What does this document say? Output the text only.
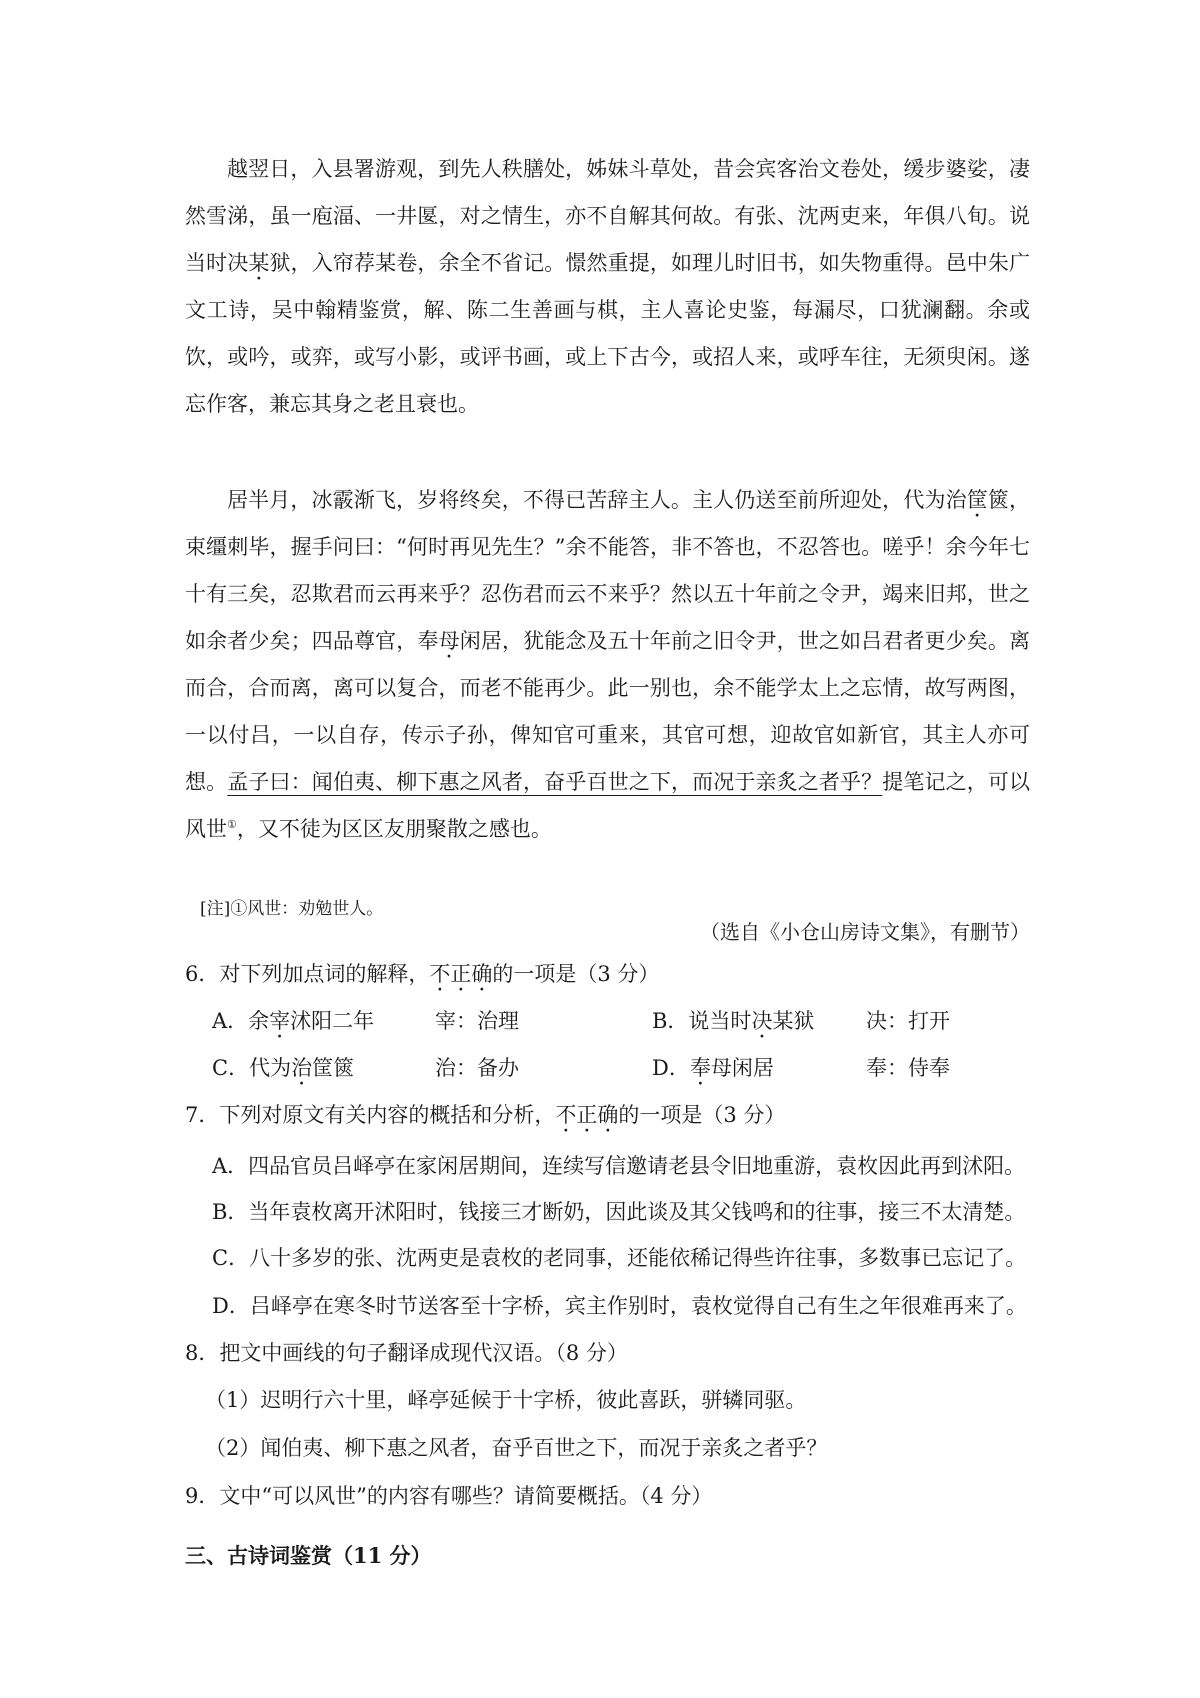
越翌日，入县署游观，到先人秩膳处，姊妹斗草处，昔会宾客治文卷处，缓步婆娑，凄然雪涕，虽一庖湢、一井匽，对之情生，亦不自解其何故。有张、沈两吏来，年俱八旬。说当时决某狱，入帘荐某卷，余全不省记。憬然重提，如理儿时旧书，如失物重得。邑中朱广文工诗，吴中翰精鉴赏，解、陈二生善画与棋，主人喜论史鉴，每漏尽，口犹澜翻。余或饮，或吟，或弈，或写小影，或评书画，或上下古今，或招人来，或呼车往，无须臾闲。遂忘作客，兼忘其身之老且衰也。
居半月，冰霰渐飞，岁将终矣，不得已苦辞主人。主人仍送至前所迎处，代为治筐篋，束缰刺毕，握手问曰：“何时再见先生？”余不能答，非不答也，不忍答也。嗟乎！余今年七十有三矣，忍欺君而云再来乎？忍伤君而云不来乎？然以五十年前之令尹，竭来旧邦，世之如余者少矣；四品尊官，奉母闲居，犹能念及五十年前之旧令尹，世之如吕君者更少矣。离而合，合而离，离可以复合，而老不能再少。此一别也，余不能学太上之忘情，故写两图，一以付吕，一以自存，传示子孙，俾知官可重来，其官可想，迎故官如新官，其主人亦可想。孟子曰：闻伯夷、柳下惠之风者，奋乎百世之下，而况于亲炙之者乎？提笔记之，可以风世①，又不徒为区区友朋聚散之感也。
[注]①风世：劝勉世人。
（选自《小仓山房诗文集》，有删节）
6．对下列加点词的解释，不正确的一项是（3 分）
A．余宰沭阳二年	宰：治理	B．说当时决某狱 决：打开
C．代为治筐篋	治：备办	D．奉母闲居	奉：侍奉
7．下列对原文有关内容的概括和分析，不正确的一项是（3 分）
A．四品官员吕峄亭在家闲居期间，连续写信邀请老县令旧地重游，袁枚因此再到沭阳。
B．当年袁枚离开沭阳时，钱接三才断奶，因此谈及其父钱鸣和的往事，接三不太清楚。
C．八十多岁的张、沈两吏是袁枚的老同事，还能依稀记得些许往事，多数事已忘记了。
D．吕峄亭在寒冬时节送客至十字桥，宾主作别时，袁枚觉得自己有生之年很难再来了。
8．把文中画线的句子翻译成现代汉语。（8 分）
（1）迟明行六十里，峄亭延候于十字桥，彼此喜跃，骈辚同驱。
（2）闻伯夷、柳下惠之风者，奋乎百世之下，而况于亲炙之者乎？
9．文中“可以风世”的内容有哪些？请简要概括。（4 分）
三、古诗词鉴赏（11 分）
